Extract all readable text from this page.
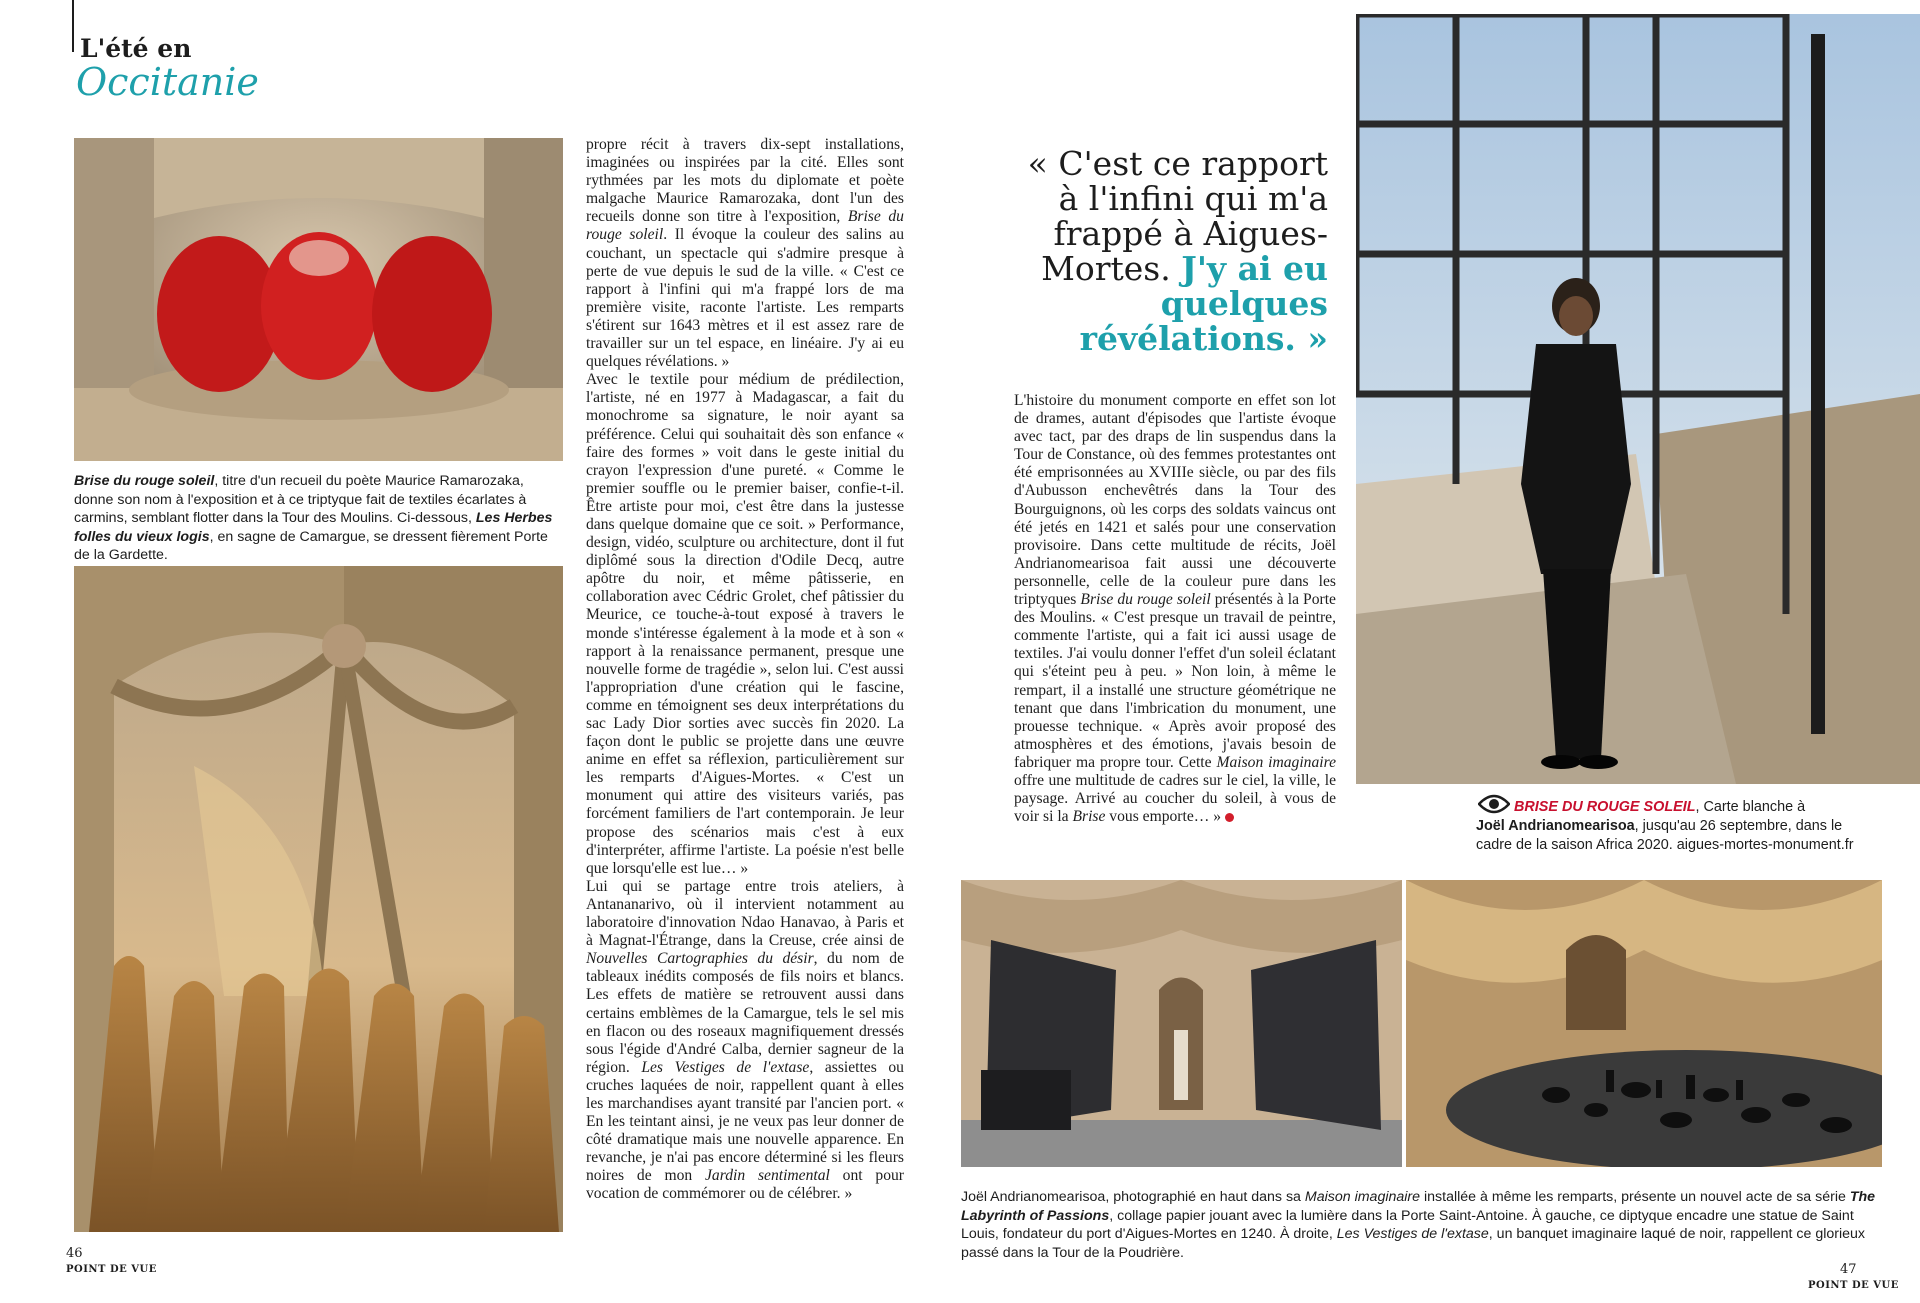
L'été en
Occitanie
Brise du rouge soleil, titre d'un recueil du poète Maurice Ramarozaka, donne son nom à l'exposition et à ce triptyque fait de textiles écarlates à carmins, semblant flotter dans la Tour des Moulins. Ci-dessous, Les Herbes folles du vieux logis, en sagne de Camargue, se dressent fièrement Porte de la Gardette.

propre récit à travers dix-sept installations, imaginées ou inspirées par la cité. Elles sont rythmées par les mots du diplomate et poète malgache Maurice Ramarozaka, dont l'un des recueils donne son titre à l'exposition, Brise du rouge soleil. Il évoque la couleur des salins au couchant, un spectacle qui s'admire presque à perte de vue depuis le sud de la ville. « C'est ce rapport à l'infini qui m'a frappé lors de ma première visite, raconte l'artiste. Les remparts s'étirent sur 1643 mètres et il est assez rare de travailler sur un tel espace, en linéaire. J'y ai eu quelques révélations. »

Avec le textile pour médium de prédilection, l'artiste, né en 1977 à Madagascar, a fait du monochrome sa signature, le noir ayant sa préférence. Celui qui souhaitait dès son enfance « faire des formes » voit dans le geste initial du crayon l'expression d'une pureté. « Comme le premier souffle ou le premier baiser, confie-t-il. Être artiste pour moi, c'est être dans la justesse dans quelque domaine que ce soit. » Performance, design, vidéo, sculpture ou architecture, dont il fut diplômé sous la direction d'Odile Decq, autre apôtre du noir, et même pâtisserie, en collaboration avec Cédric Grolet, chef pâtissier du Meurice, ce touche-à-tout exposé à travers le monde s'intéresse également à la mode et à son « rapport à la renaissance permanent, presque une nouvelle forme de tragédie », selon lui. C'est aussi l'appropriation d'une création qui le fascine, comme en témoignent ses deux interprétations du sac Lady Dior sorties avec succès fin 2020. La façon dont le public se projette dans une œuvre anime en effet sa réflexion, particulièrement sur les remparts d'Aigues-Mortes. « C'est un monument qui attire des visiteurs variés, pas forcément familiers de l'art contemporain. Je leur propose des scénarios mais c'est à eux d'interpréter, affirme l'artiste. La poésie n'est belle que lorsqu'elle est lue… »

Lui qui se partage entre trois ateliers, à Antananarivo, où il intervient notamment au laboratoire d'innovation Ndao Hanavao, à Paris et à Magnat-l'Étrange, dans la Creuse, crée ainsi de Nouvelles Cartographies du désir, du nom de tableaux inédits composés de fils noirs et blancs. Les effets de matière se retrouvent aussi dans certains emblèmes de la Camargue, tels le sel mis en flacon ou des roseaux magnifiquement dressés sous l'égide d'André Calba, dernier sagneur de la région. Les Vestiges de l'extase, assiettes ou cruches laquées de noir, rappellent quant à elles les marchandises ayant transité par l'ancien port. « En les teintant ainsi, je ne veux pas leur donner de côté dramatique mais une nouvelle apparence. En revanche, je n'ai pas encore déterminé si les fleurs noires de mon Jardin sentimental ont pour vocation de commémorer ou de célébrer. »

« C'est ce rapport à l'infini qui m'a frappé à Aigues-Mortes. J'y ai eu quelques révélations. »

L'histoire du monument comporte en effet son lot de drames, autant d'épisodes que l'artiste évoque avec tact, par des draps de lin suspendus dans la Tour de Constance, où des femmes protestantes ont été emprisonnées au XVIIIe siècle, ou par des fils d'Aubusson enchevêtrés dans la Tour des Bourguignons, où les corps des soldats vaincus ont été jetés en 1421 et salés pour une conservation provisoire. Dans cette multitude de récits, Joël Andrianomearisoa fait aussi une découverte personnelle, celle de la couleur pure dans les triptyques Brise du rouge soleil présentés à la Porte des Moulins. « C'est presque un travail de peintre, commente l'artiste, qui a fait ici aussi usage de textiles. J'ai voulu donner l'effet d'un soleil éclatant qui s'éteint peu à peu. » Non loin, à même le rempart, il a installé une structure géométrique ne tenant que dans l'imbrication du monument, une prouesse technique. « Après avoir proposé des atmosphères et des émotions, j'avais besoin de fabriquer ma propre tour. Cette Maison imaginaire offre une multitude de cadres sur le ciel, la ville, le paysage. Arrivé au coucher du soleil, à vous de voir si la Brise vous emporte… »

BRISE DU ROUGE SOLEIL, Carte blanche à
Joël Andrianomearisoa, jusqu'au 26 septembre, dans le cadre de la saison Africa 2020. aigues-mortes-monument.fr
Joël Andrianomearisoa, photographié en haut dans sa Maison imaginaire installée à même les remparts, présente un nouvel acte de sa série The Labyrinth of Passions, collage papier jouant avec la lumière dans la Porte Saint-Antoine. À gauche, ce diptyque encadre une statue de Saint Louis, fondateur du port d'Aigues-Mortes en 1240. À droite, Les Vestiges de l'extase, un banquet imaginaire laqué de noir, rappellent ce glorieux passé dans la Tour de la Poudrière.
46
POINT DE VUE	47
POINT DE VUE
